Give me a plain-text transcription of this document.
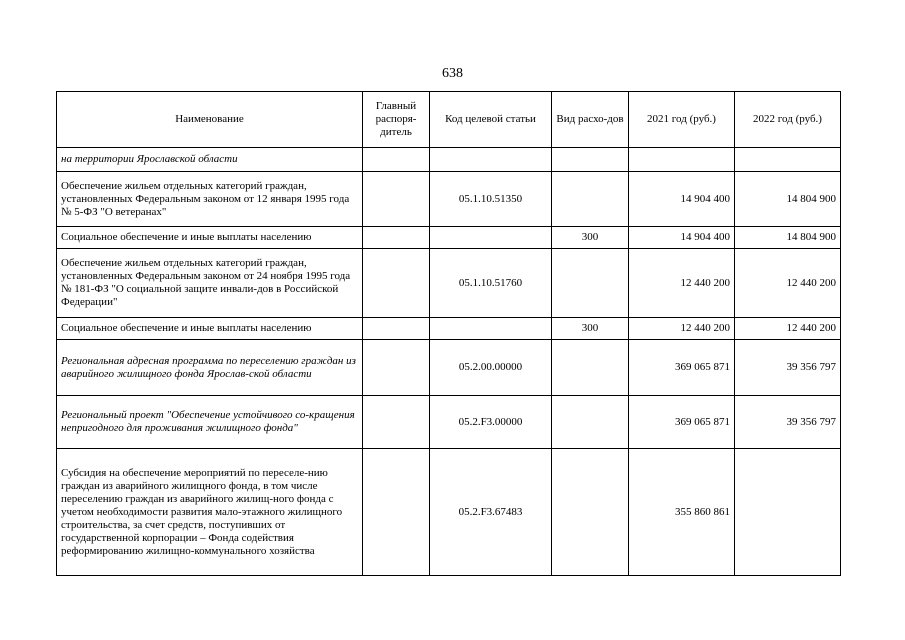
638
Наименование	Главный распоря-дитель	Код целевой статьи	Вид расхо-дов	2021 год (руб.)	2022 год (руб.)
на территории Ярославской области					
Обеспечение жильем отдельных категорий граждан, установленных Федеральным законом от 12 января 1995 года № 5-ФЗ "О ветеранах"		05.1.10.51350		14 904 400	14 804 900
Социальное обеспечение и иные выплаты населению			300	14 904 400	14 804 900
Обеспечение жильем отдельных категорий граждан, установленных Федеральным законом от 24 ноября 1995 года № 181-ФЗ "О социальной защите инвали-дов в Российской Федерации"		05.1.10.51760		12 440 200	12 440 200
Социальное обеспечение и иные выплаты населению			300	12 440 200	12 440 200
Региональная адресная программа по переселению граждан из аварийного жилищного фонда Ярослав-ской области		05.2.00.00000		369 065 871	39 356 797
Региональный проект "Обеспечение устойчивого со-кращения непригодного для проживания жилищного фонда"		05.2.F3.00000		369 065 871	39 356 797
Субсидия на обеспечение мероприятий по переселе-нию граждан из аварийного жилищного фонда, в том числе переселению граждан из аварийного жилищ-ного фонда с учетом необходимости развития мало-этажного жилищного строительства, за счет средств, поступивших от государственной корпорации – Фонда содействия реформированию жилищно-коммунального хозяйства		05.2.F3.67483		355 860 861	
